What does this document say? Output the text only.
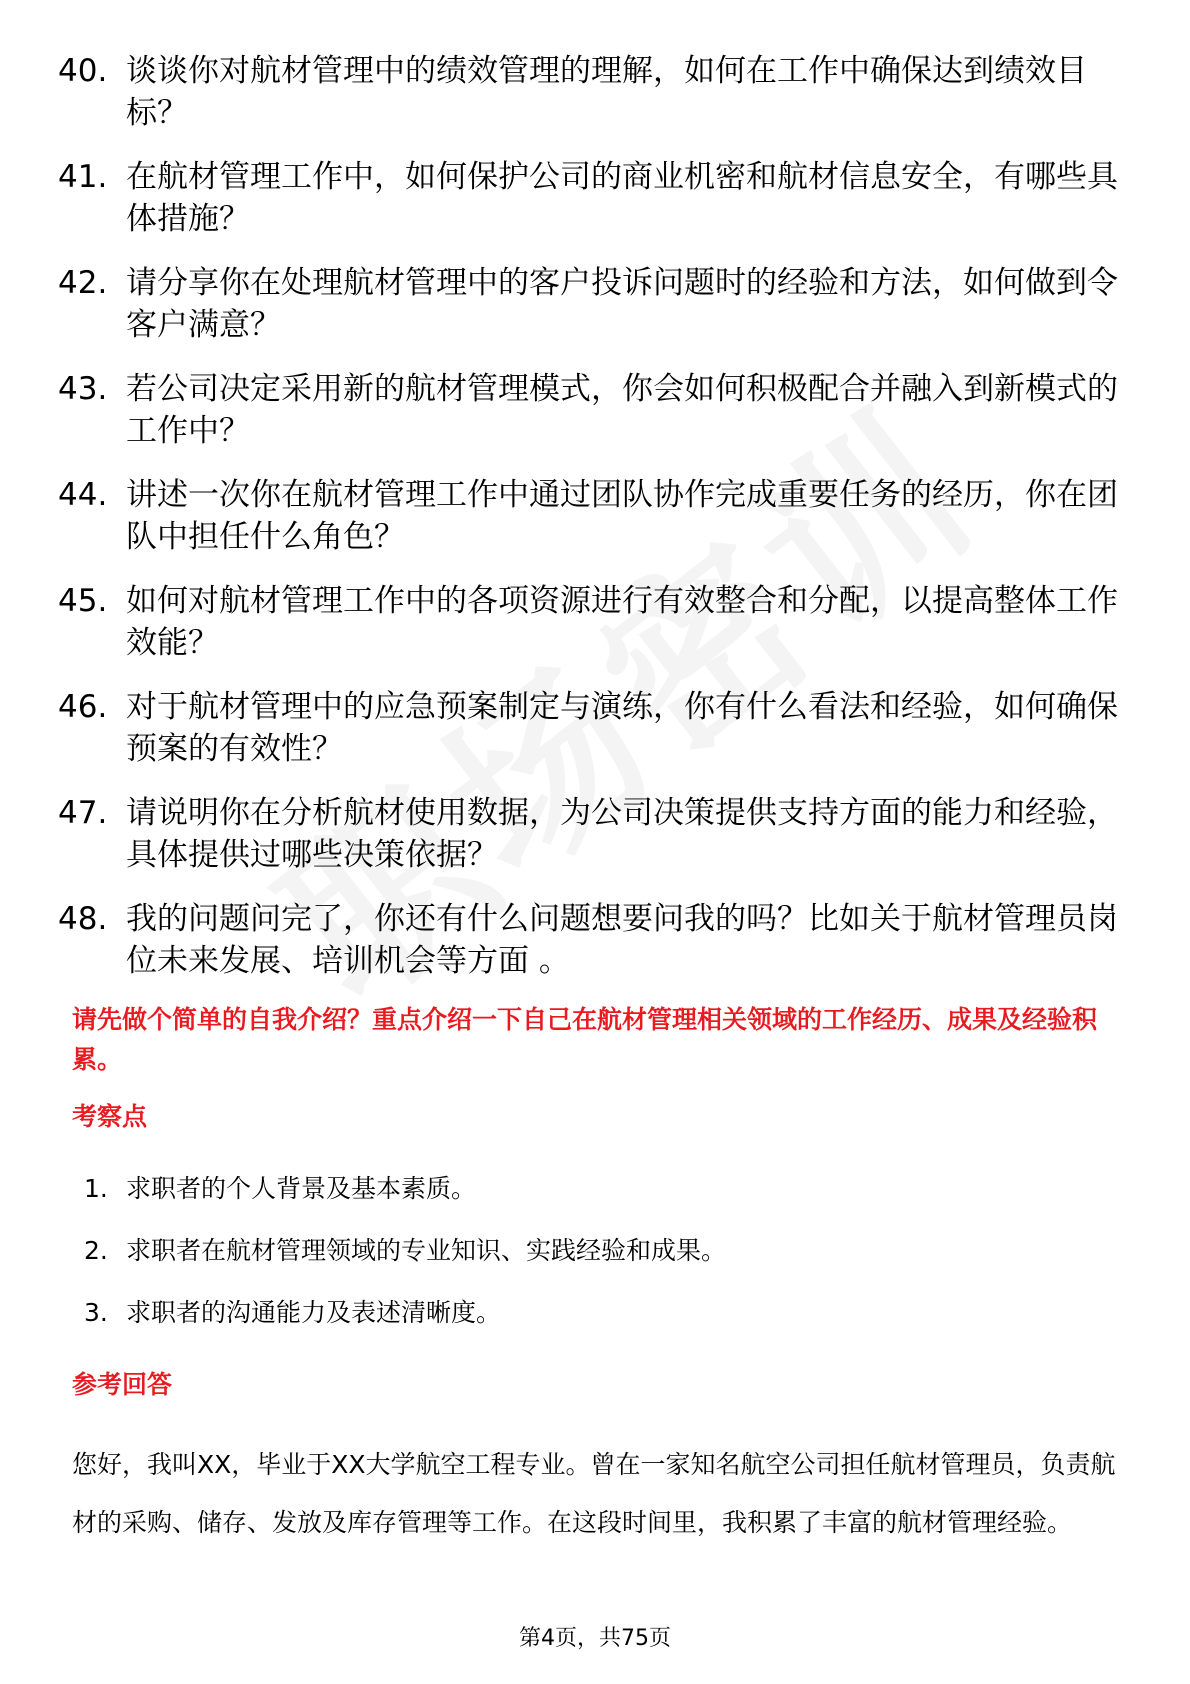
40. 谈谈你对航材管理中的绩效管理的理解，如何在工作中确保达到绩效目标？
41. 在航材管理工作中，如何保护公司的商业机密和航材信息安全，有哪些具体措施？
42. 请分享你在处理航材管理中的客户投诉问题时的经验和方法，如何做到令客户满意？
43. 若公司决定采用新的航材管理模式，你会如何积极配合并融入到新模式的工作中？
44. 讲述一次你在航材管理工作中通过团队协作完成重要任务的经历，你在团队中担任什么角色？
45. 如何对航材管理工作中的各项资源进行有效整合和分配，以提高整体工作效能？
46. 对于航材管理中的应急预案制定与演练，你有什么看法和经验，如何确保预案的有效性？
47. 请说明你在分析航材使用数据，为公司决策提供支持方面的能力和经验，具体提供过哪些决策依据？
48. 我的问题问完了，你还有什么问题想要问我的吗？比如关于航材管理员岗位未来发展、培训机会等方面 。
请先做个简单的自我介绍？重点介绍一下自己在航材管理相关领域的工作经历、成果及经验积累。
考察点
1. 求职者的个人背景及基本素质。
2. 求职者在航材管理领域的专业知识、实践经验和成果。
3. 求职者的沟通能力及表述清晰度。
参考回答
您好，我叫XX，毕业于XX大学航空工程专业。曾在一家知名航空公司担任航材管理员，负责航材的采购、储存、发放及库存管理等工作。在这段时间里，我积累了丰富的航材管理经验。
第4页，共75页
